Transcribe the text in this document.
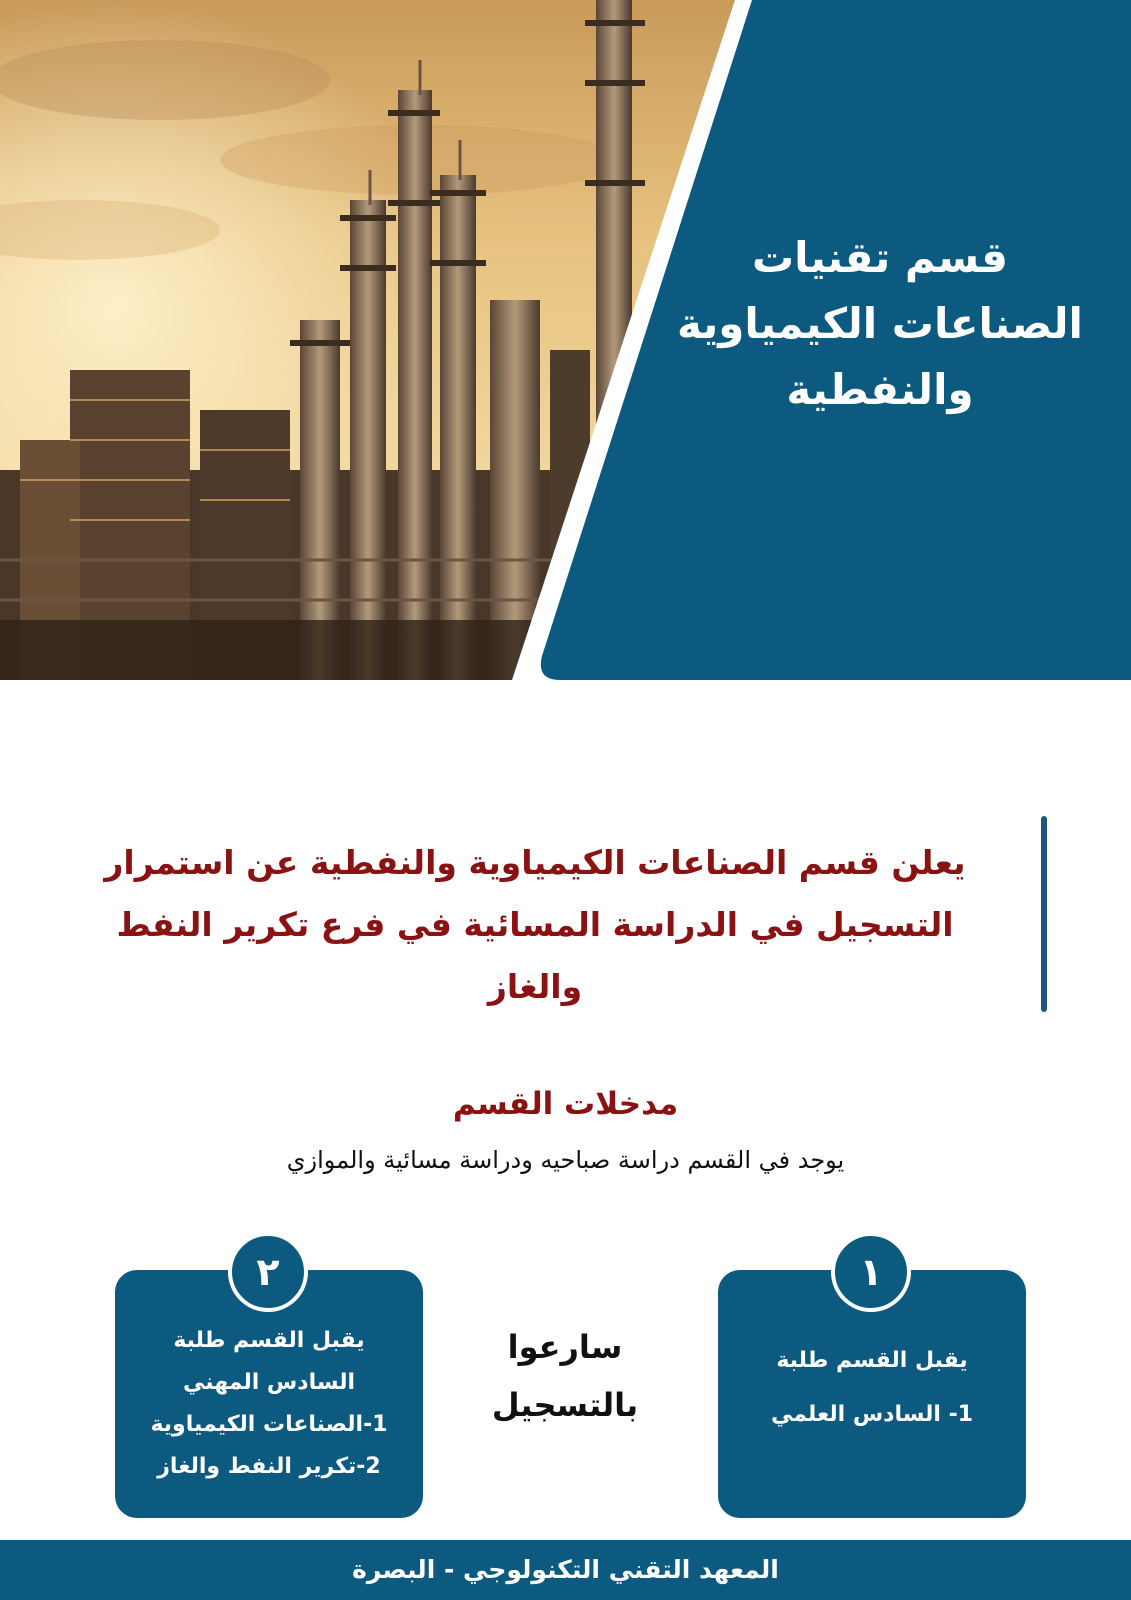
قسم تقنيات
الصناعات الكيمياوية
والنفطية
يعلن قسم الصناعات الكيمياوية والنفطية عن استمرار
التسجيل في الدراسة المسائية في فرع تكرير النفط
والغاز
مدخلات القسم
يوجد في القسم دراسة صباحيه ودراسة مسائية والموازي
يقبل القسم طلبة
1- السادس العلمي
١
يقبل القسم طلبة
السادس المهني
1-الصناعات الكيمياوية
2-تكرير النفط والغاز
٢
سارعوا
بالتسجيل
المعهد التقني التكنولوجي - البصرة
